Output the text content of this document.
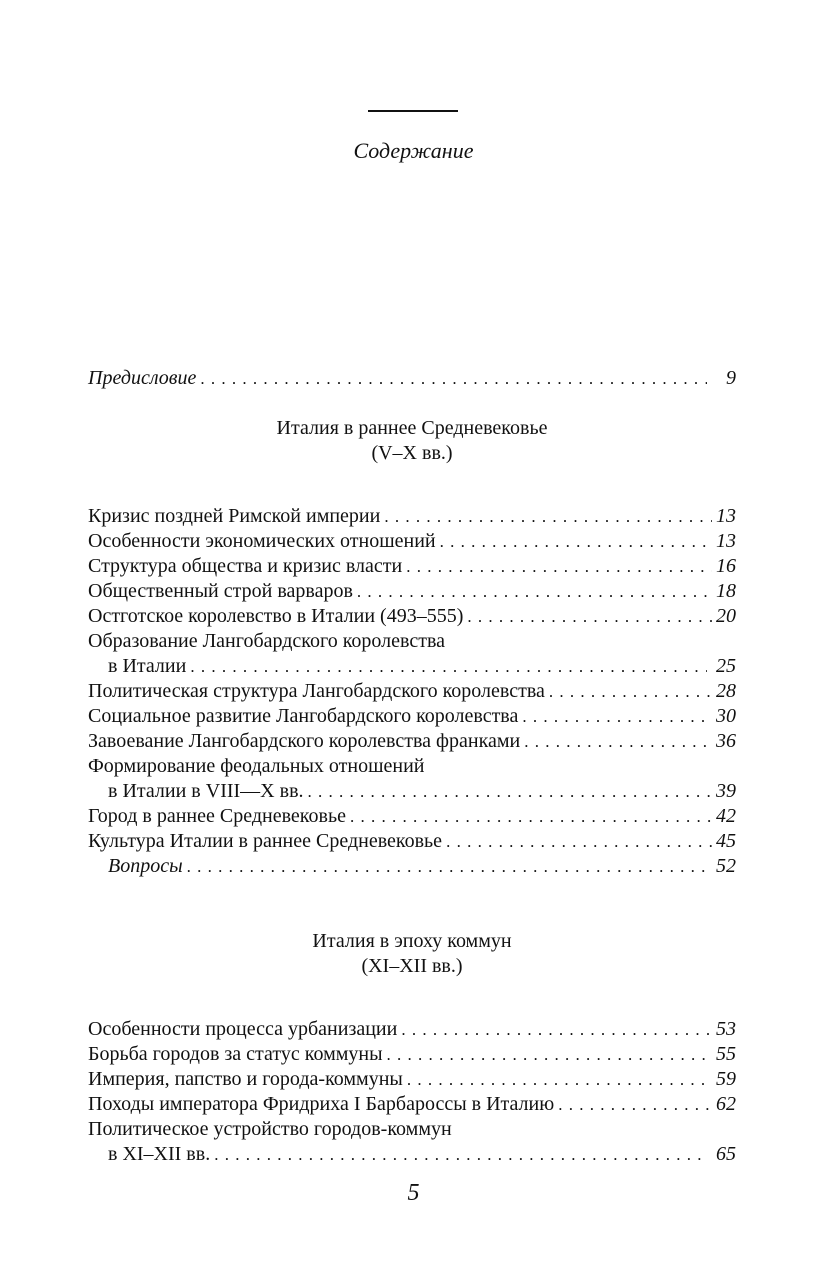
Содержание
Предисловие . . .	9
Италия в раннее Средневековье
(V–X вв.)
Кризис поздней Римской империи . . .	13
Особенности экономических отношений . . .	13
Структура общества и кризис власти . . .	16
Общественный строй варваров . . .	18
Остготское королевство в Италии (493–555) . . .	20
Образование Лангобардского королевства
в Италии . . .	25
Политическая структура Лангобардского королевства . . .	28
Социальное развитие Лангобардского королевства . . .	30
Завоевание Лангобардского королевства франками . . .	36
Формирование феодальных отношений
в Италии в VIII—X вв. . . .	39
Город в раннее Средневековье . . .	42
Культура Италии в раннее Средневековье . . .	45
Вопросы . . .	52
Италия в эпоху коммун
(XI–XII вв.)
Особенности процесса урбанизации . . .	53
Борьба городов за статус коммуны . . .	55
Империя, папство и города-коммуны . . .	59
Походы императора Фридриха I Барбароссы в Италию . . .	62
Политическое устройство городов-коммун
в XI–XII вв. . . .	65
5
